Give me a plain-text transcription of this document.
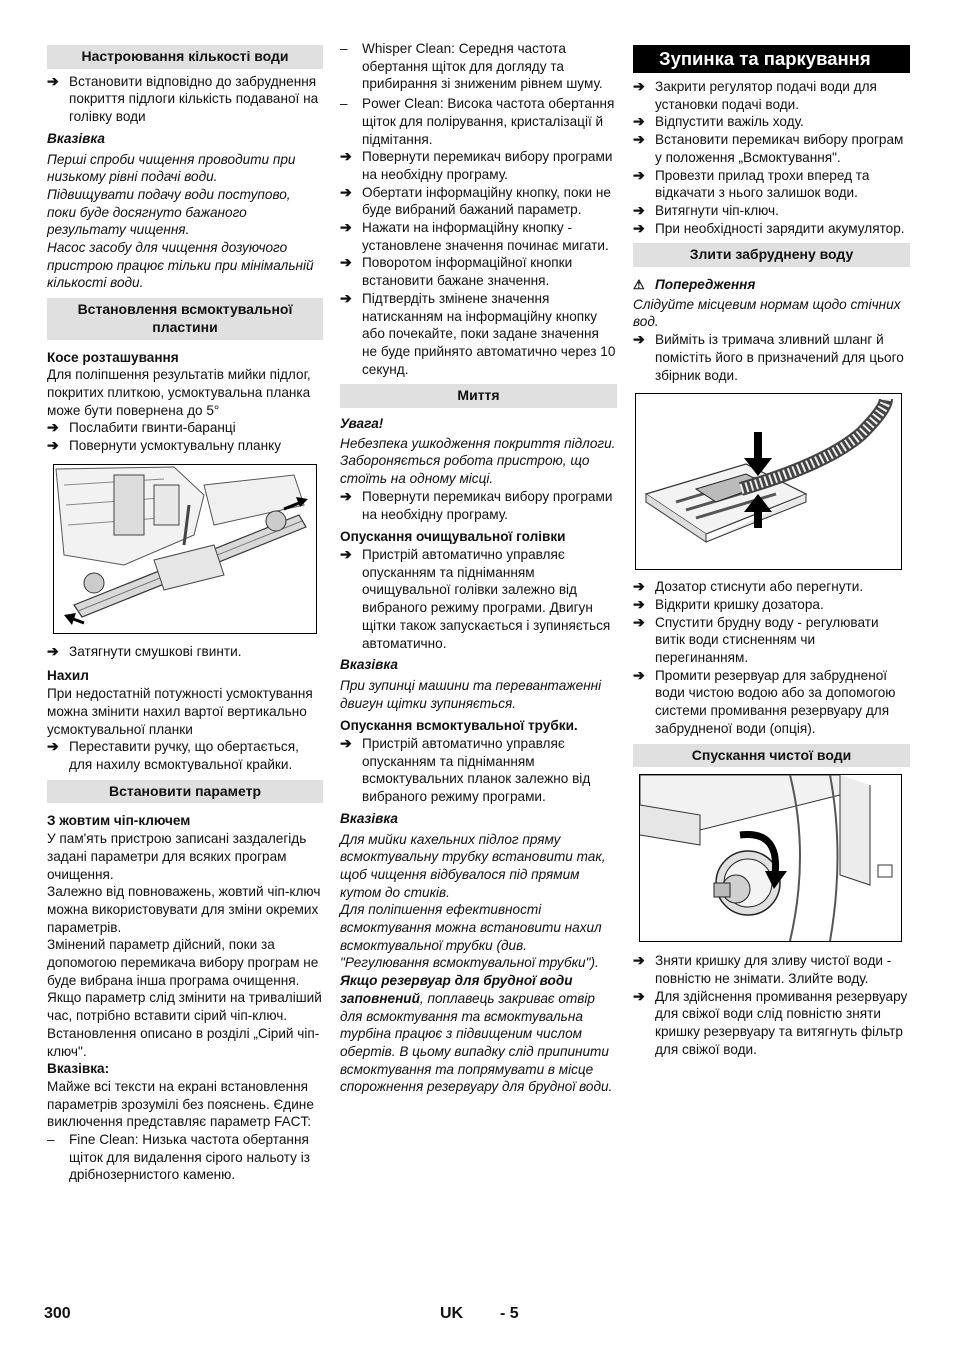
Настроювання кількості води
➔ Встановити відповідно до забруднення покриття підлоги кількість подаваної на голівку води
Вказівка
Перші спроби чищення проводити при низькому рівні подачі води.
Підвищувати подачу води поступово, поки буде досягнуто бажаного результату чищення.
Насос засобу для чищення дозуючого пристрою працює тільки при мінімальній кількості води.
Встановлення всмоктувальної пластини
Косе розташування
Для поліпшення результатів мийки підлог, покритих плиткою, усмоктувальна планка може бути повернена до 5°
➔ Послабити гвинти-баранці
➔ Повернути усмоктувальну планку
➔ Затягнути смушкові гвинти.
Нахил
При недостатній потужності усмоктування можна змінити нахил вартої вертикально усмоктувальної планки
➔ Переставити ручку, що обертається, для нахилу всмоктувальної крайки.
Встановити параметр
З жовтим чіп-ключем
У пам'ять пристрою записані заздалегідь задані параметри для всяких програм очищення.
Залежно від повноважень, жовтий чіп-ключ можна використовувати для зміни окремих параметрів.
Змінений параметр дійсний, поки за допомогою перемикача вибору програм не буде вибрана інша програма очищення.
Якщо параметр слід змінити на тривалiший час, потрібно вставити сірий чіп-ключ. Встановлення описано в розділі „Сірий чіп-ключ".
Вказівка:
Майже всі тексти на екрані встановлення параметрів зрозумілі без пояснень. Єдине виключення представляє параметр FACT:
–	Fine Clean: Низька частота обертання щіток для видалення сірого нальоту із дрібнозернистого каменю.
–	Whisper Clean: Середня частота обертання щіток для догляду та прибирання зі зниженим рівнем шуму.
–	Power Clean: Висока частота обертання щіток для полірування, кристалізації й підмітання.
➔ Повернути перемикач вибору програми на необхідну програму.
➔ Обертати інформаційну кнопку, поки не буде вибраний бажаний параметр.
➔ Нажати на інформаційну кнопку - установлене значення починає мигати.
➔ Поворотом інформаційної кнопки встановити бажане значення.
➔ Підтвердіть змінене значення натисканням на інформаційну кнопку або почекайте, поки задане значення не буде прийнято автоматично через 10 секунд.
Миття
Увага!
Небезпека ушкодження покриття підлоги. Забороняється робота пристрою, що стоїть на одному місці.
➔ Повернути перемикач вибору програми на необхідну програму.
Опускання очищувальної голівки
➔ Пристрій автоматично управляє опусканням та підніманням очищувальної голівки залежно від вибраного режиму програми. Двигун щітки також запускається і зупиняється автоматично.
Вказівка
При зупинці машини та перевантаженні двигун щітки зупиняється.
Опускання всмоктувальної трубки.
➔ Пристрій автоматично управляє опусканням та підніманням всмоктувальних планок залежно від вибраного режиму програми.
Вказівка
Для мийки кахельних підлог пряму всмоктувальну трубку встановити так, щоб чищення відбувалося під прямим кутом до стиків.
Для поліпшення ефективності всмоктування можна встановити нахил всмоктувальної трубки (див. "Регулювання всмоктувальної трубки").
Якщо резервуар для брудної води заповнений, поплавець закриває отвір для всмоктування та всмоктувальна турбіна працює з підвищеним числом обертів. В цьому випадку слід припинити всмоктування та попрямувати в місце спорожнення резервуару для брудної води.
Зупинка та паркування
➔ Закрити регулятор подачі води для установки подачі води.
➔ Відпустити важіль ходу.
➔ Встановити перемикач вибору програм у положення „Всмоктування".
➔ Провезти прилад трохи вперед та відкачати з нього залишок води.
➔ Витягнути чіп-ключ.
➔ При необхідності зарядити акумулятор.
Злити забруднену воду
⚠ Попередження
Слідуйте місцевим нормам щодо стічних вод.
➔ Вийміть із тримача зливний шланг й помістіть його в призначений для цього збірник води.
➔ Дозатор стиснути або перегнути.
➔ Відкрити кришку дозатора.
➔ Спустити брудну воду - регулювати витік води стисненням чи перегинанням.
➔ Промити резервуар для забрудненої води чистою водою або за допомогою системи промивання резервуару для забрудненої води (опція).
Спускання чистої води
➔ Зняти кришку для зливу чистої води - повністю не знімати. Злийте воду.
➔ Для здійснення промивання резервуару для свіжої води слід повністю зняти кришку резервуару та витягнуть фільтр для свіжої води.
300	UK - 5
